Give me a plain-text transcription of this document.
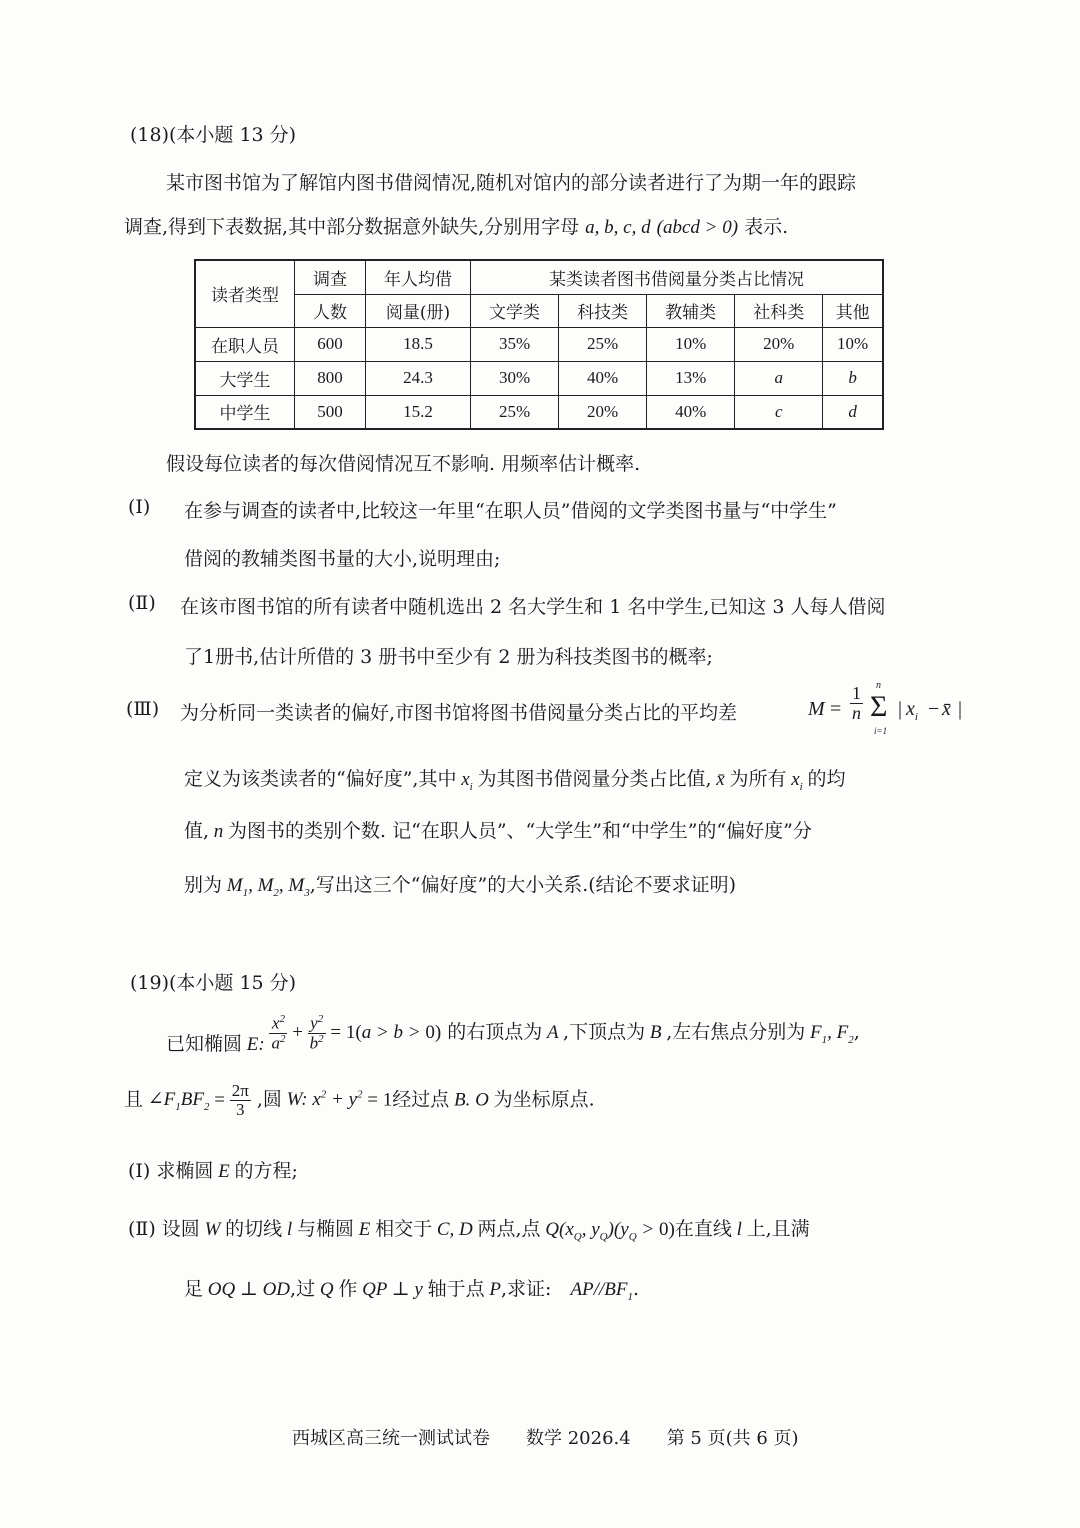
(18)(本小题 13 分)
某市图书馆为了解馆内图书借阅情况,随机对馆内的部分读者进行了为期一年的跟踪
调查,得到下表数据,其中部分数据意外缺失,分别用字母 a, b, c, d (abcd > 0) 表示.
读者类型	调查	年人均借	某类读者图书借阅量分类占比情况				
	人数	阅量(册)	文学类	科技类	教辅类	社科类	其他
在职人员	600	18.5	35%	25%	10%	20%	10%
大学生	800	24.3	30%	40%	13%	a	b
中学生	500	15.2	25%	20%	40%	c	d
假设每位读者的每次借阅情况互不影响. 用频率估计概率.
(Ⅰ) 在参与调查的读者中,比较这一年里“在职人员”借阅的文学类图书量与“中学生”
借阅的教辅类图书量的大小,说明理由;
(Ⅱ) 在该市图书馆的所有读者中随机选出 2 名大学生和 1 名中学生,已知这 3 人每人借阅
了1册书,估计所借的 3 册书中至少有 2 册为科技类图书的概率;
(Ⅲ) 为分析同一类读者的偏好,市图书馆将图书借阅量分类占比的平均差	$M = \frac{1}{n}$ Σ
n
i=1
| $x_i$ − x̄ |
定义为该类读者的“偏好度”,其中 $x_i$ 为其图书借阅量分类占比值, x̄ 为所有 $x_i$ 的均
值, n 为图书的类别个数. 记“在职人员”、“大学生”和“中学生”的“偏好度”分
别为 $M_1$, $M_2$, $M_3$,写出这三个“偏好度”的大小关系.(结论不要求证明)
(19)(本小题 15 分)
已知椭圆 E: $\frac{x^2}{a^2} + \frac{y^2}{b^2} = 1(a > b > 0)$ 的右顶点为 A ,下顶点为 B ,左右焦点分别为 $F_1$, $F_2$,
且 $\angle F_1BF_2 = \frac{2\pi}{3}$ ,圆 W: $x^2 + y^2 = 1$经过点 B. O 为坐标原点.
(Ⅰ) 求椭圆 E 的方程;
(Ⅱ) 设圆 W 的切线 l 与椭圆 E 相交于 C, D 两点,点 $Q(x_Q$, $y_Q)(y_Q > 0)$在直线 l 上,且满
足 OQ ⊥ OD,过 Q 作 QP ⊥ y 轴于点 P,求证:　$AP//BF_1$.
西城区高三统一测试试卷　　数学 2026.4　　第 5 页(共 6 页)
